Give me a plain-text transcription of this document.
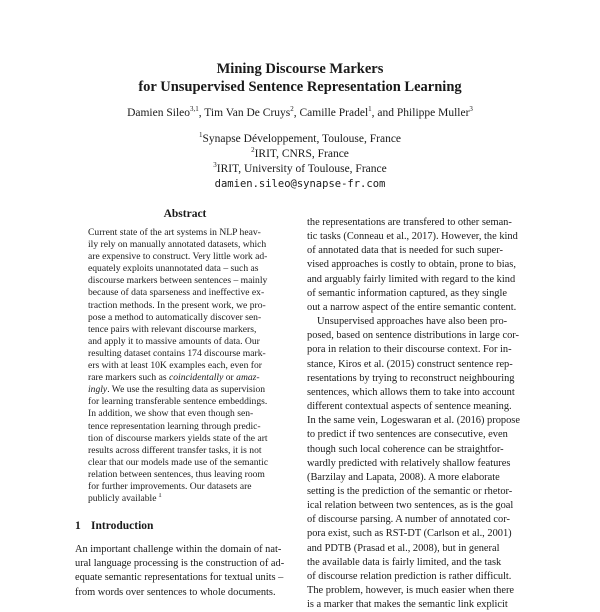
Mining Discourse Markers
for Unsupervised Sentence Representation Learning
Damien Sileo$^{3,1}$, Tim Van De Cruys$^2$, Camille Pradel$^1$, and Philippe Muller$^3$
$^1$Synapse Développement, Toulouse, France
$^2$IRIT, CNRS, France
$^3$IRIT, University of Toulouse, France
damien.sileo@synapse-fr.com
Abstract
Current state of the art systems in NLP heav-
ily rely on manually annotated datasets, which
are expensive to construct. Very little work ad-
equately exploits unannotated data – such as
discourse markers between sentences – mainly
because of data sparseness and ineffective ex-
traction methods. In the present work, we pro-
pose a method to automatically discover sen-
tence pairs with relevant discourse markers,
and apply it to massive amounts of data. Our
resulting dataset contains 174 discourse mark-
ers with at least 10K examples each, even for
rare markers such as coincidentally or amaz-
ingly. We use the resulting data as supervision
for learning transferable sentence embeddings.
In addition, we show that even though sen-
tence representation learning through predic-
tion of discourse markers yields state of the art
results across different transfer tasks, it is not
clear that our models made use of the semantic
relation between sentences, thus leaving room
for further improvements. Our datasets are
publicly available $^1$
1 Introduction
An important challenge within the domain of nat-
ural language processing is the construction of ad-
equate semantic representations for textual units –
from words over sentences to whole documents.
the representations are transfered to other seman-
tic tasks (Conneau et al., 2017). However, the kind
of annotated data that is needed for such super-
vised approaches is costly to obtain, prone to bias,
and arguably fairly limited with regard to the kind
of semantic information captured, as they single
out a narrow aspect of the entire semantic content.
Unsupervised approaches have also been pro-
posed, based on sentence distributions in large cor-
pora in relation to their discourse context. For in-
stance, Kiros et al. (2015) construct sentence rep-
resentations by trying to reconstruct neighbouring
sentences, which allows them to take into account
different contextual aspects of sentence meaning.
In the same vein, Logeswaran et al. (2016) propose
to predict if two sentences are consecutive, even
though such local coherence can be straightfor-
wardly predicted with relatively shallow features
(Barzilay and Lapata, 2008). A more elaborate
setting is the prediction of the semantic or rhetor-
ical relation between two sentences, as is the goal
of discourse parsing. A number of annotated cor-
pora exist, such as RST-DT (Carlson et al., 2001)
and PDTB (Prasad et al., 2008), but in general
the available data is fairly limited, and the task
of discourse relation prediction is rather difficult.
The problem, however, is much easier when there
is a marker that makes the semantic link explicit
